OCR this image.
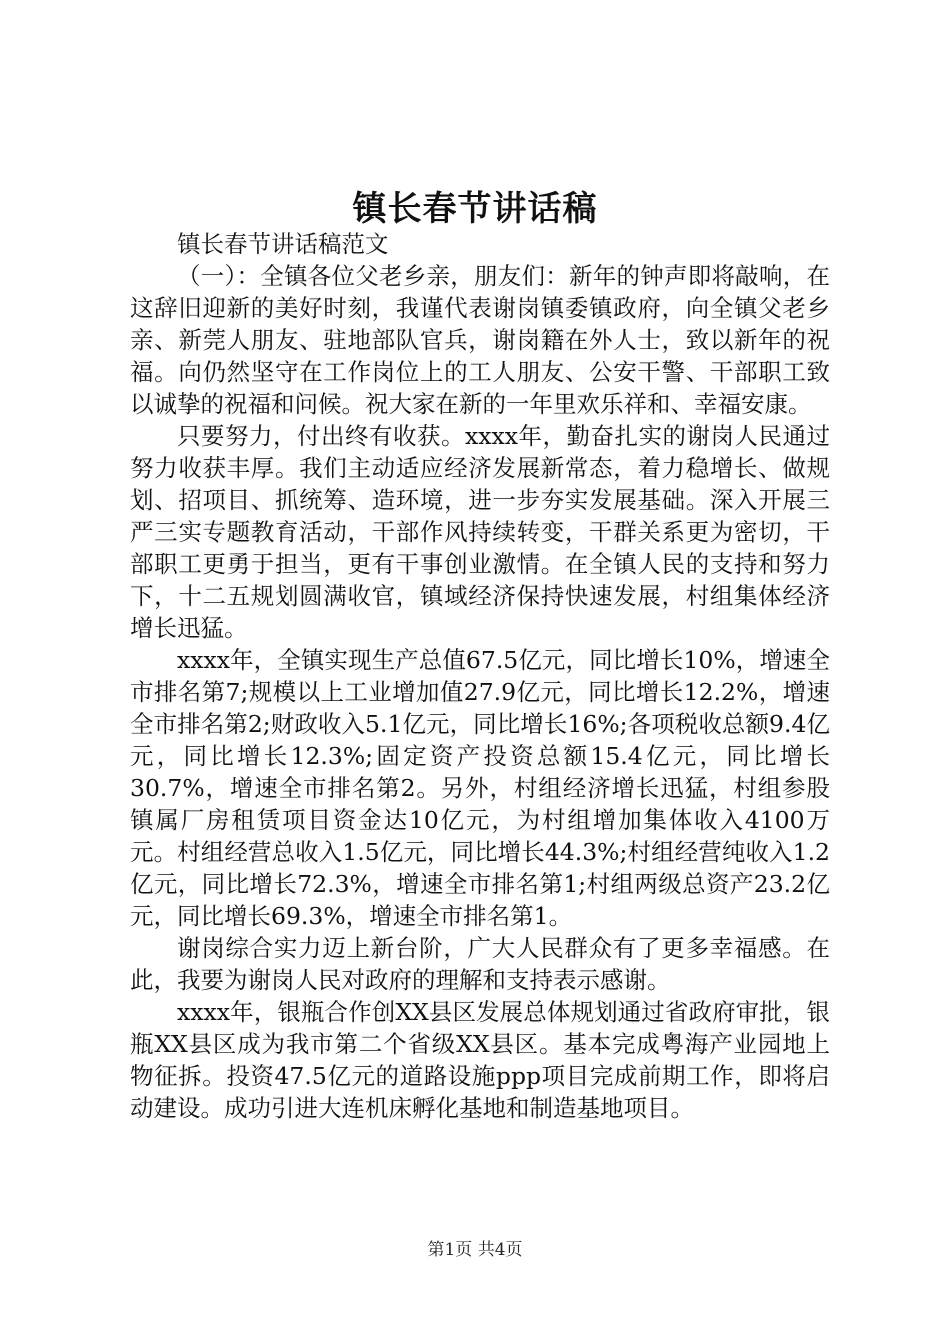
镇长春节讲话稿

镇长春节讲话稿范文

（一）：全镇各位父老乡亲，朋友们：新年的钟声即将敲响，在这辞旧迎新的美好时刻，我谨代表谢岗镇委镇政府，向全镇父老乡亲、新莞人朋友、驻地部队官兵，谢岗籍在外人士，致以新年的祝福。向仍然坚守在工作岗位上的工人朋友、公安干警、干部职工致以诚挚的祝福和问候。祝大家在新的一年里欢乐祥和、幸福安康。

只要努力，付出终有收获。xxxx年，勤奋扎实的谢岗人民通过努力收获丰厚。我们主动适应经济发展新常态，着力稳增长、做规划、招项目、抓统筹、造环境，进一步夯实发展基础。深入开展三严三实专题教育活动，干部作风持续转变，干群关系更为密切，干部职工更勇于担当，更有干事创业激情。在全镇人民的支持和努力下，十二五规划圆满收官，镇域经济保持快速发展，村组集体经济增长迅猛。

xxxx年，全镇实现生产总值67.5亿元，同比增长10%，增速全市排名第7;规模以上工业增加值27.9亿元，同比增长12.2%，增速全市排名第2;财政收入5.1亿元，同比增长16%;各项税收总额9.4亿元，同比增长12.3%;固定资产投资总额15.4亿元，同比增长30.7%，增速全市排名第2。另外，村组经济增长迅猛，村组参股镇属厂房租赁项目资金达10亿元，为村组增加集体收入4100万元。村组经营总收入1.5亿元，同比增长44.3%;村组经营纯收入1.2亿元，同比增长72.3%，增速全市排名第1;村组两级总资产23.2亿元，同比增长69.3%，增速全市排名第1。

谢岗综合实力迈上新台阶，广大人民群众有了更多幸福感。在此，我要为谢岗人民对政府的理解和支持表示感谢。

xxxx年，银瓶合作创XX县区发展总体规划通过省政府审批，银瓶XX县区成为我市第二个省级XX县区。基本完成粤海产业园地上物征拆。投资47.5亿元的道路设施ppp项目完成前期工作，即将启动建设。成功引进大连机床孵化基地和制造基地项目。

第1页 共4页
